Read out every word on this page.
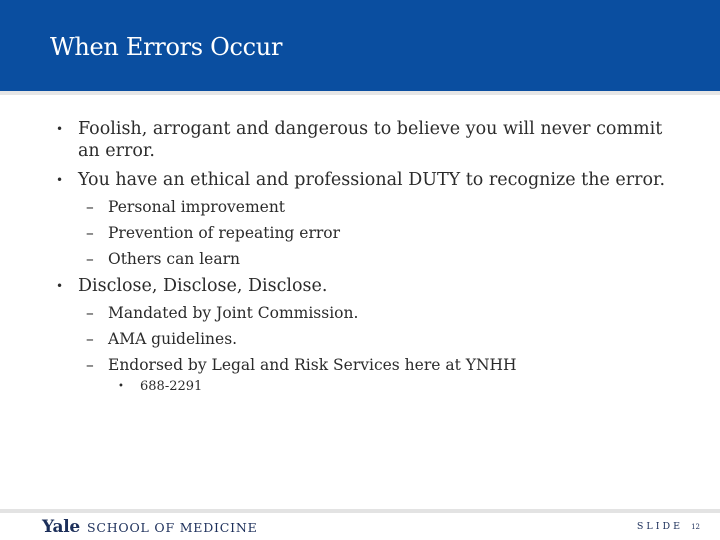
When Errors Occur
• Foolish, arrogant and dangerous to believe you will never commit an error.
• You have an ethical and professional DUTY to recognize the error.
– Personal improvement
– Prevention of repeating error
– Others can learn
• Disclose, Disclose, Disclose.
– Mandated by Joint Commission.
– AMA guidelines.
– Endorsed by Legal and Risk Services here at YNHH
• 688-2291
Yale SCHOOL OF MEDICINE	SLIDE 12
